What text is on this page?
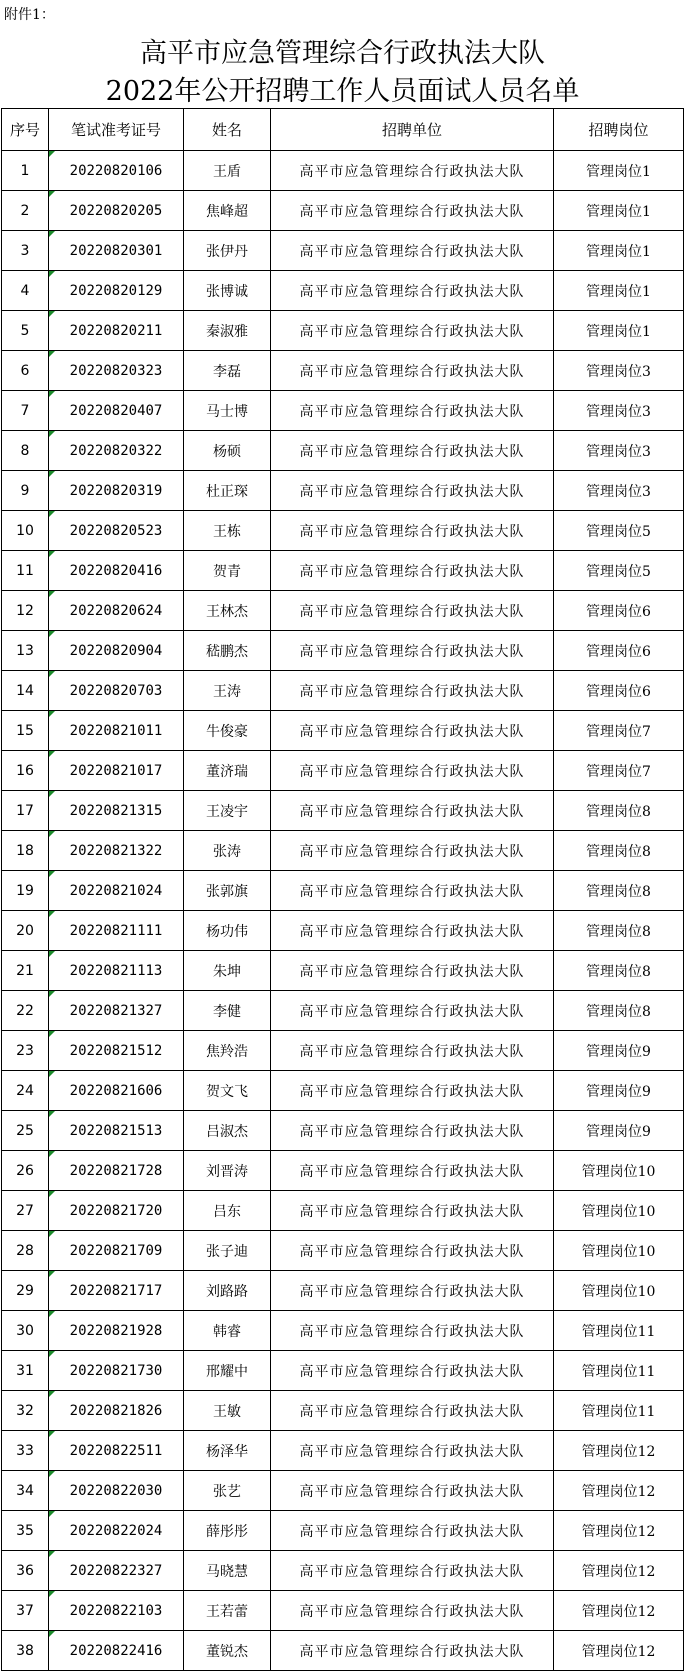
附件1：
高平市应急管理综合行政执法大队
2022年公开招聘工作人员面试人员名单
序号	笔试准考证号	姓名	招聘单位	招聘岗位
1	20220820106	王盾	高平市应急管理综合行政执法大队	管理岗位1
2	20220820205	焦峰超	高平市应急管理综合行政执法大队	管理岗位1
3	20220820301	张伊丹	高平市应急管理综合行政执法大队	管理岗位1
4	20220820129	张博诚	高平市应急管理综合行政执法大队	管理岗位1
5	20220820211	秦淑雅	高平市应急管理综合行政执法大队	管理岗位1
6	20220820323	李磊	高平市应急管理综合行政执法大队	管理岗位3
7	20220820407	马士博	高平市应急管理综合行政执法大队	管理岗位3
8	20220820322	杨硕	高平市应急管理综合行政执法大队	管理岗位3
9	20220820319	杜正琛	高平市应急管理综合行政执法大队	管理岗位3
10	20220820523	王栋	高平市应急管理综合行政执法大队	管理岗位5
11	20220820416	贺青	高平市应急管理综合行政执法大队	管理岗位5
12	20220820624	王林杰	高平市应急管理综合行政执法大队	管理岗位6
13	20220820904	嵇鹏杰	高平市应急管理综合行政执法大队	管理岗位6
14	20220820703	王涛	高平市应急管理综合行政执法大队	管理岗位6
15	20220821011	牛俊豪	高平市应急管理综合行政执法大队	管理岗位7
16	20220821017	董济瑞	高平市应急管理综合行政执法大队	管理岗位7
17	20220821315	王凌宇	高平市应急管理综合行政执法大队	管理岗位8
18	20220821322	张涛	高平市应急管理综合行政执法大队	管理岗位8
19	20220821024	张郭旗	高平市应急管理综合行政执法大队	管理岗位8
20	20220821111	杨功伟	高平市应急管理综合行政执法大队	管理岗位8
21	20220821113	朱坤	高平市应急管理综合行政执法大队	管理岗位8
22	20220821327	李健	高平市应急管理综合行政执法大队	管理岗位8
23	20220821512	焦羚浩	高平市应急管理综合行政执法大队	管理岗位9
24	20220821606	贺文飞	高平市应急管理综合行政执法大队	管理岗位9
25	20220821513	吕淑杰	高平市应急管理综合行政执法大队	管理岗位9
26	20220821728	刘晋涛	高平市应急管理综合行政执法大队	管理岗位10
27	20220821720	吕东	高平市应急管理综合行政执法大队	管理岗位10
28	20220821709	张子迪	高平市应急管理综合行政执法大队	管理岗位10
29	20220821717	刘路路	高平市应急管理综合行政执法大队	管理岗位10
30	20220821928	韩睿	高平市应急管理综合行政执法大队	管理岗位11
31	20220821730	邢耀中	高平市应急管理综合行政执法大队	管理岗位11
32	20220821826	王敏	高平市应急管理综合行政执法大队	管理岗位11
33	20220822511	杨泽华	高平市应急管理综合行政执法大队	管理岗位12
34	20220822030	张艺	高平市应急管理综合行政执法大队	管理岗位12
35	20220822024	薛彤彤	高平市应急管理综合行政执法大队	管理岗位12
36	20220822327	马晓慧	高平市应急管理综合行政执法大队	管理岗位12
37	20220822103	王若蕾	高平市应急管理综合行政执法大队	管理岗位12
38	20220822416	董锐杰	高平市应急管理综合行政执法大队	管理岗位12
